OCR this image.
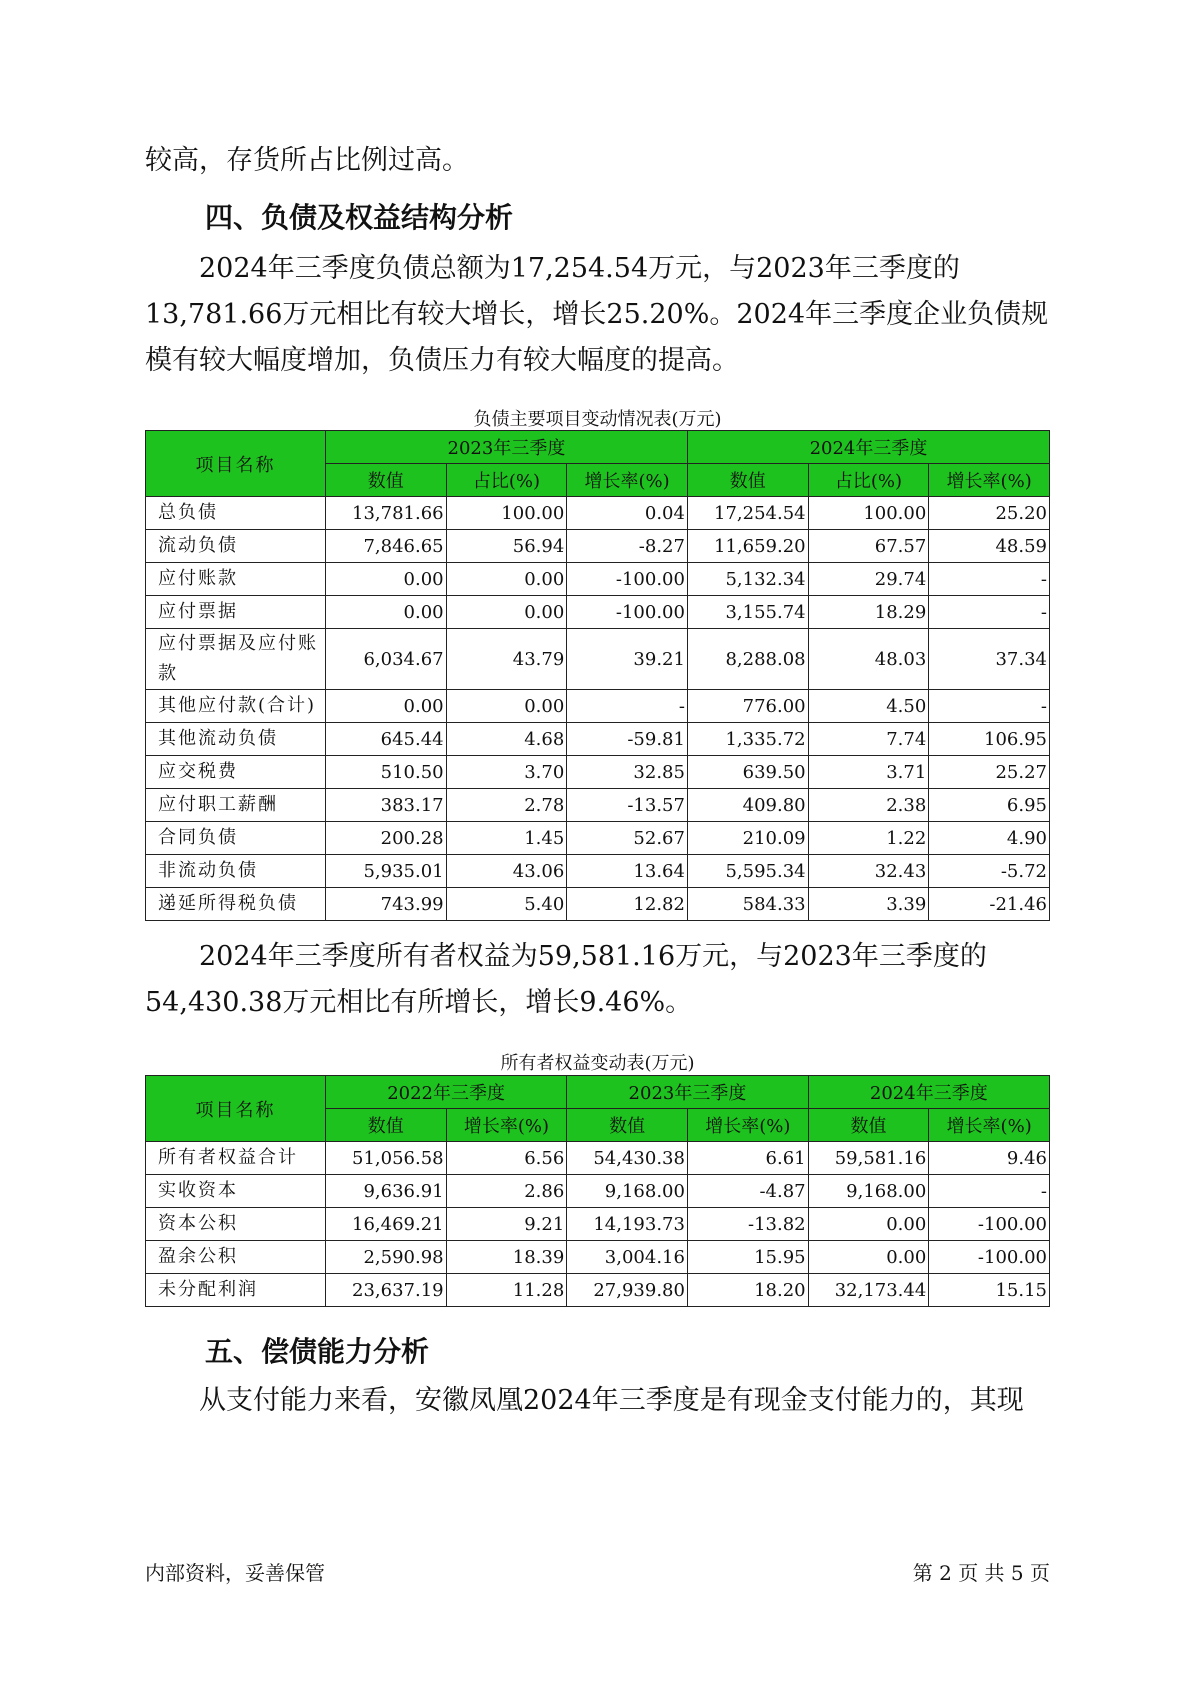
较高，存货所占比例过高。

四、负债及权益结构分析

2024年三季度负债总额为17,254.54万元，与2023年三季度的13,781.66万元相比有较大增长，增长25.20%。2024年三季度企业负债规模有较大幅度增加，负债压力有较大幅度的提高。

负债主要项目变动情况表(万元)

项目名称	2023年三季度			2024年三季度		
	数值	占比(%)	增长率(%)	数值	占比(%)	增长率(%)
总负债	13,781.66	100.00	0.04	17,254.54	100.00	25.20
流动负债	7,846.65	56.94	-8.27	11,659.20	67.57	48.59
应付账款	0.00	0.00	-100.00	5,132.34	29.74	-
应付票据	0.00	0.00	-100.00	3,155.74	18.29	-
应付票据及应付账款	6,034.67	43.79	39.21	8,288.08	48.03	37.34
其他应付款(合计)	0.00	0.00	-	776.00	4.50	-
其他流动负债	645.44	4.68	-59.81	1,335.72	7.74	106.95
应交税费	510.50	3.70	32.85	639.50	3.71	25.27
应付职工薪酬	383.17	2.78	-13.57	409.80	2.38	6.95
合同负债	200.28	1.45	52.67	210.09	1.22	4.90
非流动负债	5,935.01	43.06	13.64	5,595.34	32.43	-5.72
递延所得税负债	743.99	5.40	12.82	584.33	3.39	-21.46

2024年三季度所有者权益为59,581.16万元，与2023年三季度的54,430.38万元相比有所增长，增长9.46%。

所有者权益变动表(万元)

项目名称	2022年三季度		2023年三季度		2024年三季度	
	数值	增长率(%)	数值	增长率(%)	数值	增长率(%)
所有者权益合计	51,056.58	6.56	54,430.38	6.61	59,581.16	9.46
实收资本	9,636.91	2.86	9,168.00	-4.87	9,168.00	-
资本公积	16,469.21	9.21	14,193.73	-13.82	0.00	-100.00
盈余公积	2,590.98	18.39	3,004.16	15.95	0.00	-100.00
未分配利润	23,637.19	11.28	27,939.80	18.20	32,173.44	15.15
五、偿债能力分析

从支付能力来看，安徽凤凰2024年三季度是有现金支付能力的，其现

内部资料，妥善保管	第 2 页 共 5 页
